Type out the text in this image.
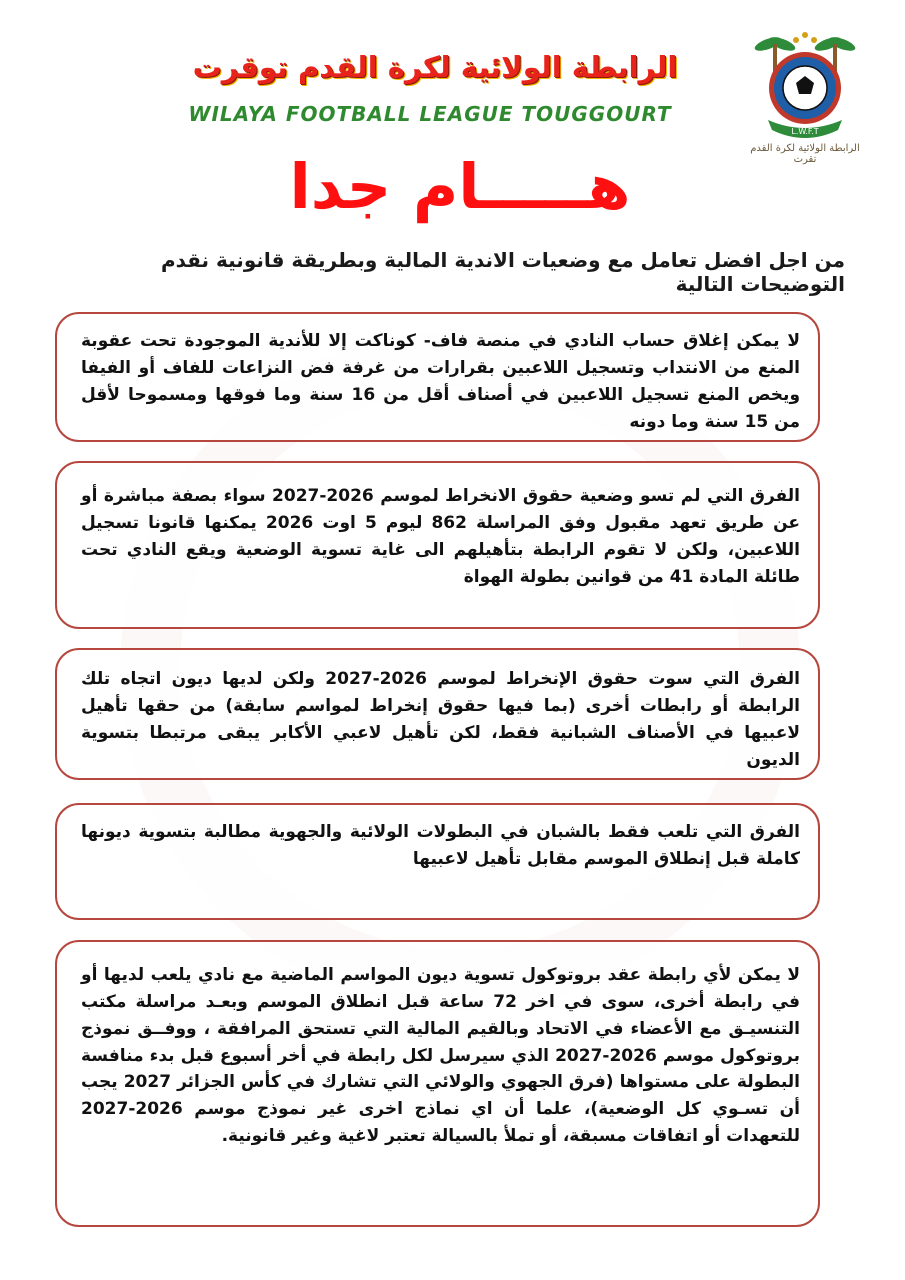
الرابطة الولائية لكرة القدم توقرت
WILAYA FOOTBALL LEAGUE TOUGGOURT
L.W.F.T
الرابطة الولائية لكرة القدم تقرت
هـــــام جدا
من اجل افضل تعامل مع وضعيات الاندية المالية وبطريقة قانونية نقدم التوضيحات التالية

لا يمكن إغلاق حساب النادي في منصة فاف- كوناكت إلا للأندية الموجودة تحت عقوبة المنع من الانتداب وتسجيل اللاعبين بقرارات من غرفة فض النزاعات للفاف أو الفيفا ويخص المنع تسجيل اللاعبين في أصناف أقل من 16 سنة وما فوقها ومسموحا لأقل من 15 سنة وما دونه

الفرق التي لم تسو وضعية حقوق الانخراط لموسم 2026-2027 سواء بصفة مباشرة أو عن طريق تعهد مقبول وفق المراسلة 862 ليوم 5 اوت 2026 يمكنها قانونا تسجيل اللاعبين، ولكن لا تقوم الرابطة بتأهيلهم الى غاية تسوية الوضعية ويقع النادي تحت طائلة المادة 41 من قوانين بطولة الهواة

الفرق التي سوت حقوق الإنخراط لموسم 2026-2027 ولكن لديها ديون اتجاه تلك الرابطة أو رابطات أخرى (بما فيها حقوق إنخراط لمواسم سابقة) من حقها تأهيل لاعبيها في الأصناف الشبانية فقط، لكن تأهيل لاعبي الأكابر يبقى مرتبطا بتسوية الديون

الفرق التي تلعب فقط بالشبان في البطولات الولائية والجهوية مطالبة بتسوية ديونها كاملة قبل إنطلاق الموسم مقابل تأهيل لاعبيها

لا يمكن لأي رابطة عقد بروتوكول تسوية ديون المواسم الماضية مع نادي يلعب لديها أو في رابطة أخرى، سوى في اخر 72 ساعة قبل انطلاق الموسم وبعـد مراسلة مكتب التنسيـق مع الأعضاء في الاتحاد وبالقيم المالية التي تستحق المرافقة ، ووفــق نموذج بروتوكول موسم 2026-2027 الذي سيرسل لكل رابطة في أخر أسبوع قبل بدء منافسة البطولة على مستواها (فرق الجهوي والولائي التي تشارك في كأس الجزائر 2027 يجب أن تسـوي كل الوضعية)، علما أن اي نماذج اخرى غير نموذج موسم 2026-2027 للتعهدات أو اتفاقات مسبقة، أو تملأ بالسيالة تعتبر لاغية وغير قانونية.
